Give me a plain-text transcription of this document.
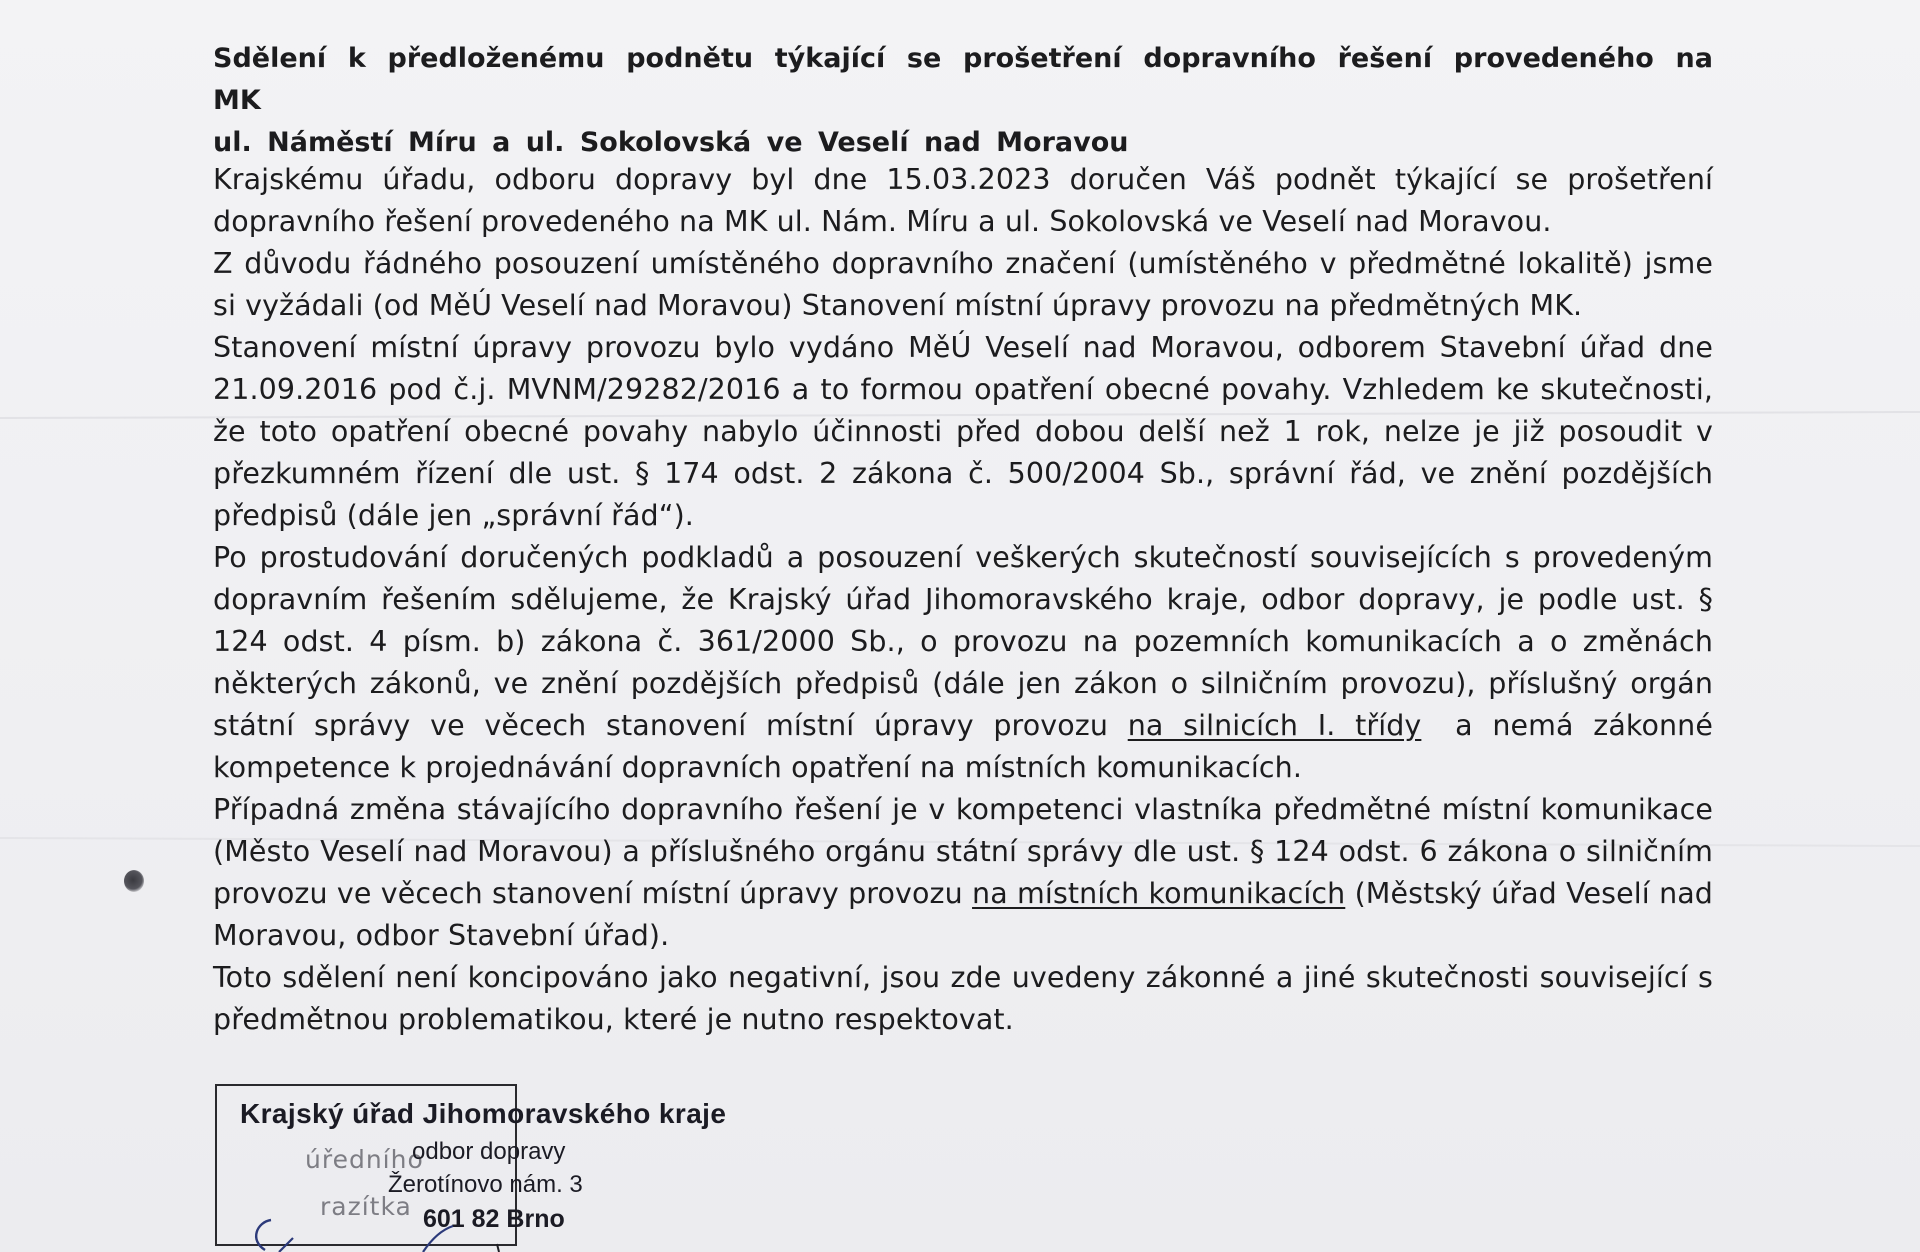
Sdělení k předloženému podnětu týkající se prošetření dopravního řešení provedeného na MK
ul. Náměstí Míru a ul. Sokolovská ve Veselí nad Moravou

Krajskému úřadu, odboru dopravy byl dne 15.03.2023 doručen Váš podnět týkající se prošetření dopravního řešení provedeného na MK ul. Nám. Míru a ul. Sokolovská ve Veselí nad Moravou.

Z důvodu řádného posouzení umístěného dopravního značení (umístěného v předmětné lokalitě) jsme si vyžádali (od MěÚ Veselí nad Moravou) Stanovení místní úpravy provozu na předmětných MK.

Stanovení místní úpravy provozu bylo vydáno MěÚ Veselí nad Moravou, odborem Stavební úřad dne 21.09.2016 pod č.j. MVNM/29282/2016 a to formou opatření obecné povahy. Vzhledem ke skutečnosti, že toto opatření obecné povahy nabylo účinnosti před dobou delší než 1 rok, nelze je již posoudit v přezkumném řízení dle ust. § 174 odst. 2 zákona č. 500/2004 Sb., správní řád, ve znění pozdějších předpisů (dále jen „správní řád“).

Po prostudování doručených podkladů a posouzení veškerých skutečností souvisejících s provedeným dopravním řešením sdělujeme, že Krajský úřad Jihomoravského kraje, odbor dopravy, je podle ust. § 124 odst. 4 písm. b) zákona č. 361/2000 Sb., o provozu na pozemních komunikacích a o změnách některých zákonů, ve znění pozdějších předpisů (dále jen zákon o silničním provozu), příslušný orgán státní správy ve věcech stanovení místní úpravy provozu na silnicích I. třídy a nemá zákonné kompetence k projednávání dopravních opatření na místních komunikacích.

Případná změna stávajícího dopravního řešení je v kompetenci vlastníka předmětné místní komunikace (Město Veselí nad Moravou) a příslušného orgánu státní správy dle ust. § 124 odst. 6 zákona o silničním provozu ve věcech stanovení místní úpravy provozu na místních komunikacích (Městský úřad Veselí nad Moravou, odbor Stavební úřad).

Toto sdělení není koncipováno jako negativní, jsou zde uvedeny zákonné a jiné skutečnosti související s předmětnou problematikou, které je nutno respektovat.

úředního
razítka
Krajský úřad Jihomoravského kraje
odbor dopravy
Žerotínovo nám. 3
601 82 Brno
